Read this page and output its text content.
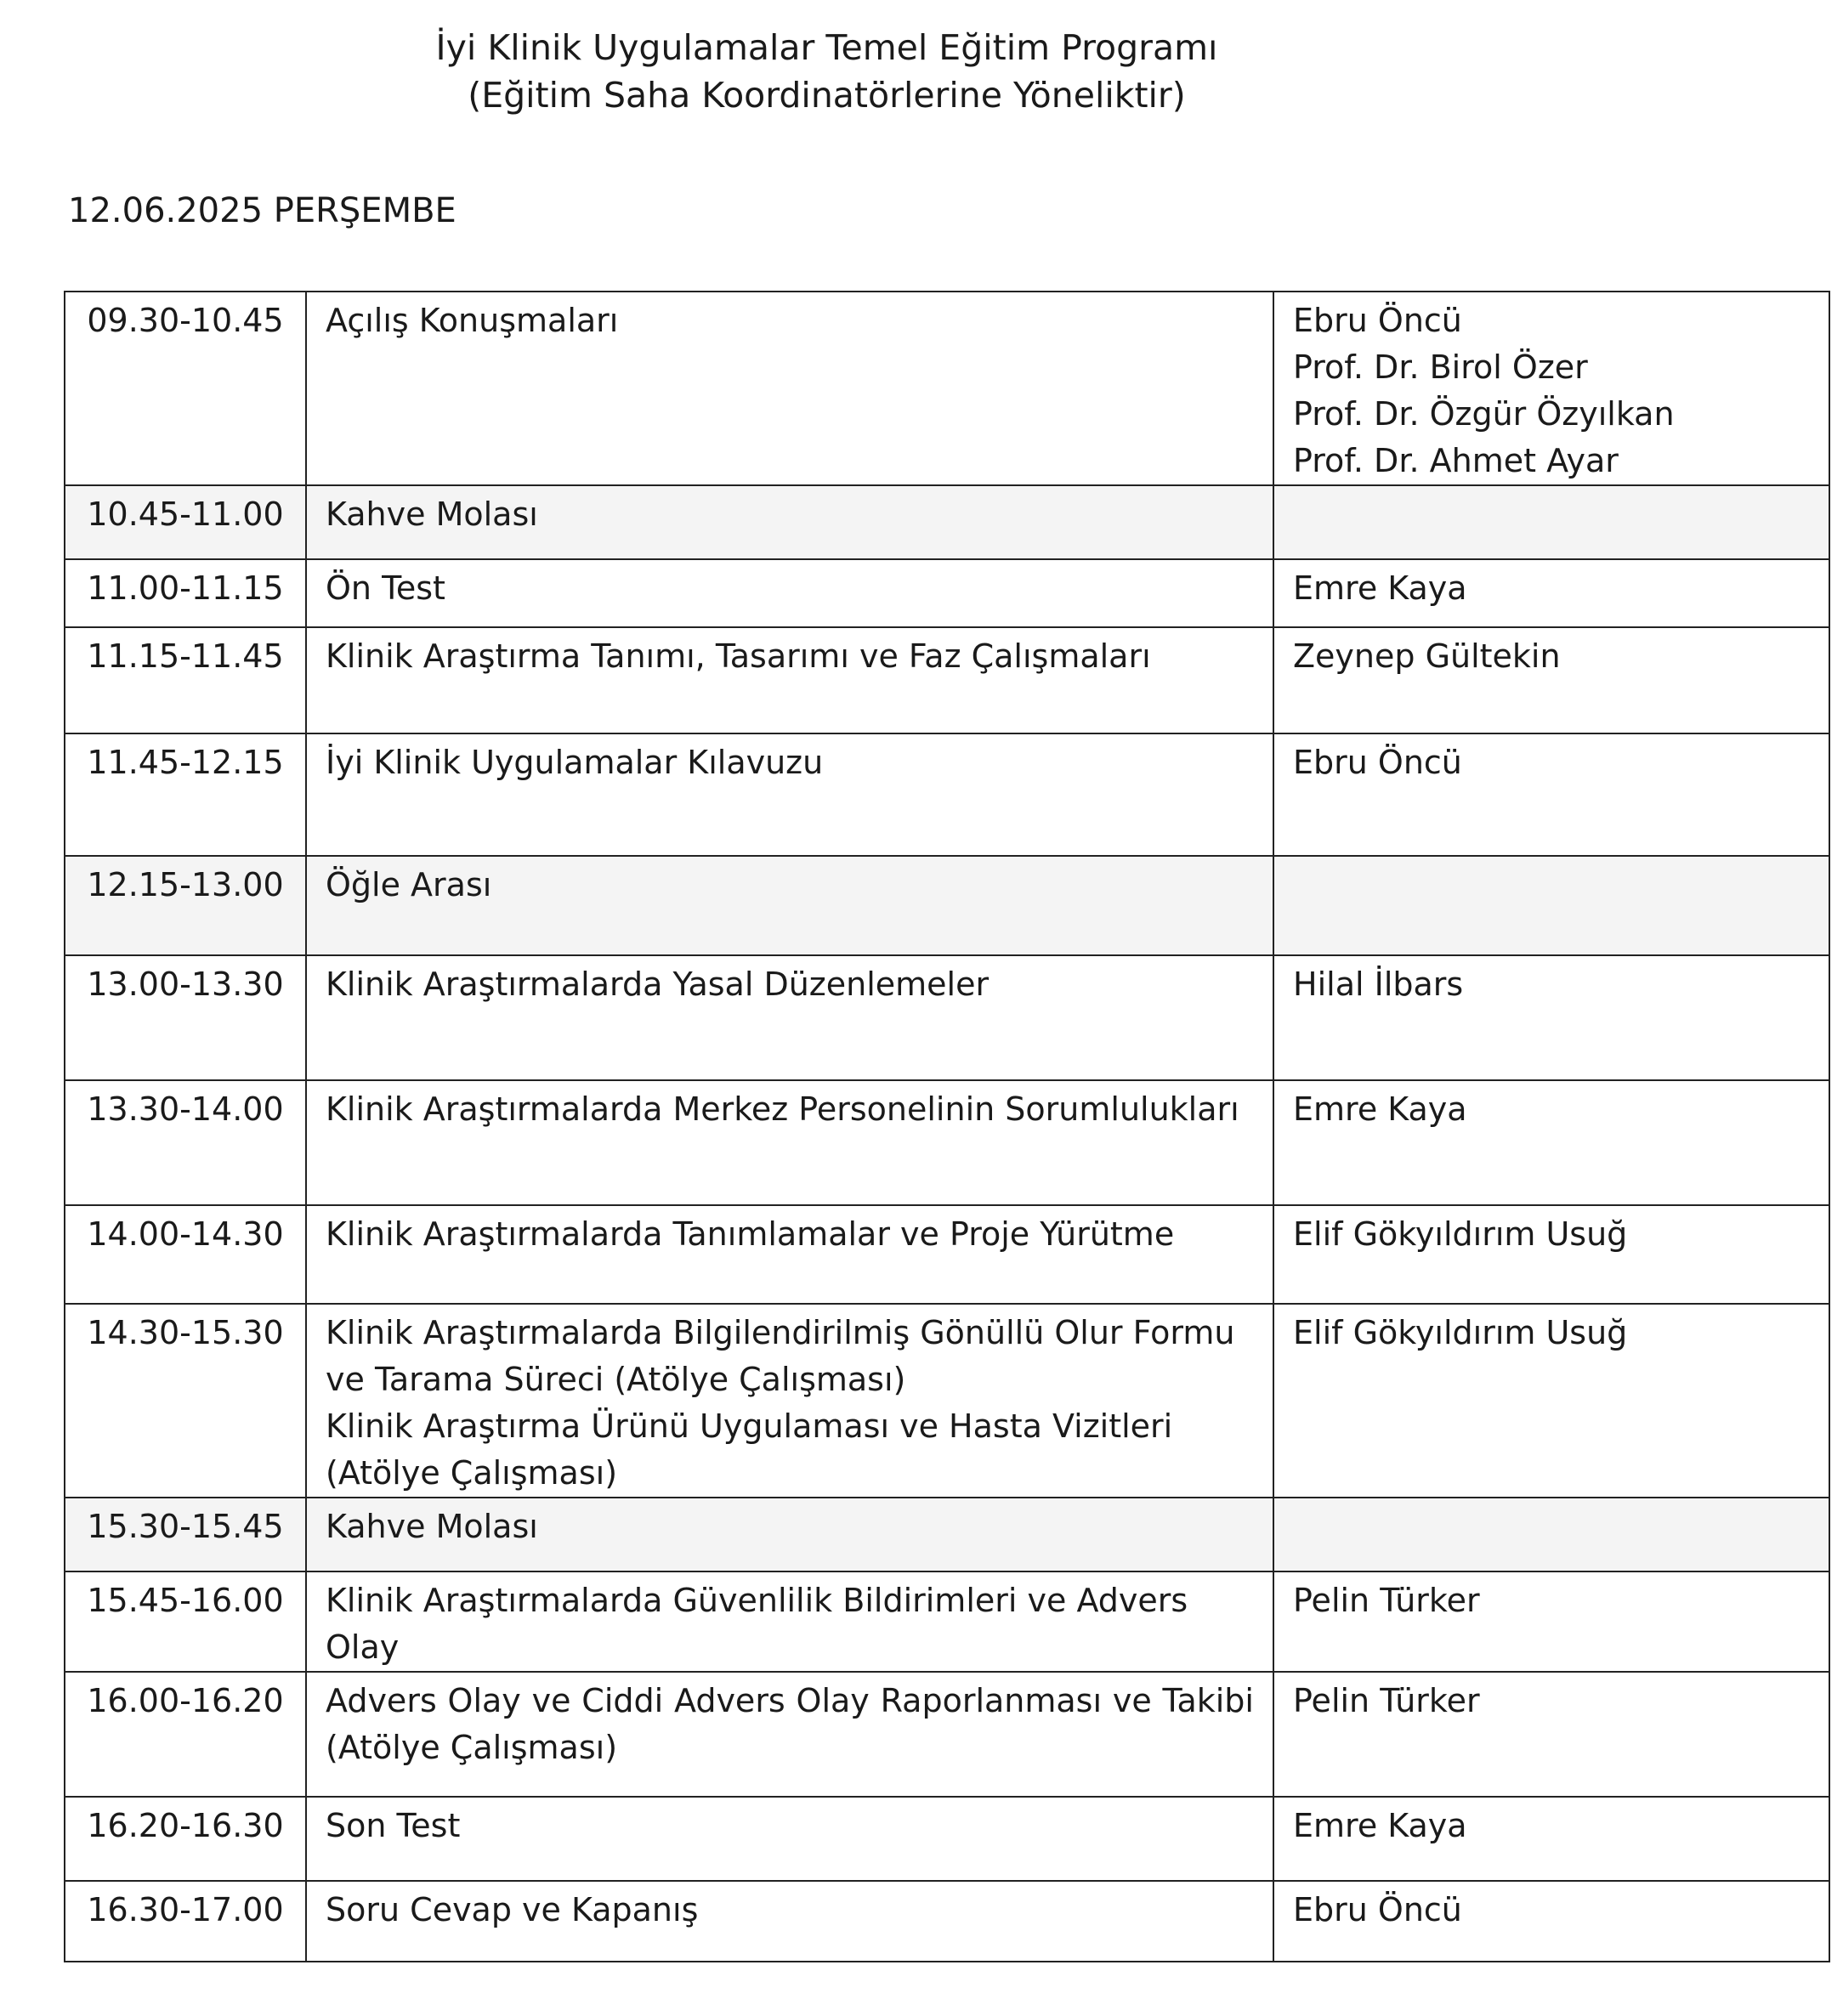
İyi Klinik Uygulamalar Temel Eğitim Programı
(Eğitim Saha Koordinatörlerine Yöneliktir)
12.06.2025 PERŞEMBE
09.30-10.45	Açılış Konuşmaları	Ebru Öncü
Prof. Dr. Birol Özer
Prof. Dr. Özgür Özyılkan
Prof. Dr. Ahmet Ayar

10.45-11.00	Kahve Molası	

11.00-11.15	Ön Test	Emre Kaya

11.15-11.45	Klinik Araştırma Tanımı, Tasarımı ve Faz Çalışmaları	Zeynep Gültekin

11.45-12.15	İyi Klinik Uygulamalar Kılavuzu	Ebru Öncü

12.15-13.00	Öğle Arası	

13.00-13.30	Klinik Araştırmalarda Yasal Düzenlemeler	Hilal İlbars

13.30-14.00	Klinik Araştırmalarda Merkez Personelinin Sorumlulukları	Emre Kaya

14.00-14.30	Klinik Araştırmalarda Tanımlamalar ve Proje Yürütme	Elif Gökyıldırım Usuğ

14.30-15.30	Klinik Araştırmalarda Bilgilendirilmiş Gönüllü Olur Formu ve Tarama Süreci (Atölye Çalışması)
Klinik Araştırma Ürünü Uygulaması ve Hasta Vizitleri (Atölye Çalışması)	Elif Gökyıldırım Usuğ

15.30-15.45	Kahve Molası	

15.45-16.00	Klinik Araştırmalarda Güvenlilik Bildirimleri ve Advers Olay	Pelin Türker

16.00-16.20	Advers Olay ve Ciddi Advers Olay Raporlanması ve Takibi (Atölye Çalışması)	Pelin Türker

16.20-16.30	Son Test	Emre Kaya

16.30-17.00	Soru Cevap ve Kapanış	Ebru Öncü
